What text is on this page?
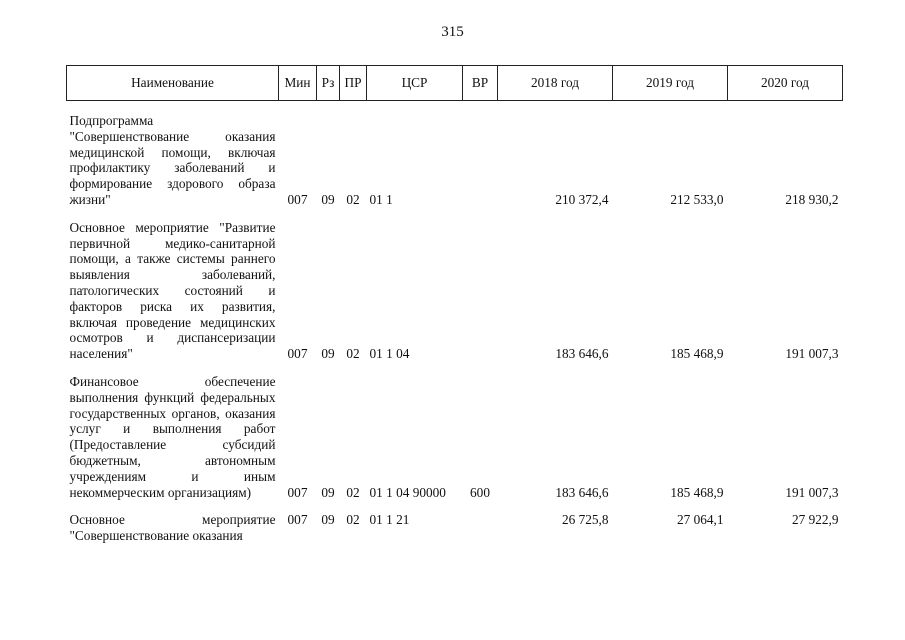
315
Наименование	Мин	Рз	ПР	ЦСР	ВР	2018 год	2019 год	2020 год

Подпрограмма "Совершенствование оказания медицинской помощи, включая профилактику заболеваний и формирование здорового образа жизни"	007	09	02	01 1		210 372,4	212 533,0	218 930,2

Основное мероприятие "Развитие первичной медико-санитарной помощи, а также системы раннего выявления заболеваний, патологических состояний и факторов риска их развития, включая проведение медицинских осмотров и диспансеризации населения"	007	09	02	01 1 04		183 646,6	185 468,9	191 007,3

Финансовое обеспечение выполнения функций федеральных государственных органов, оказания услуг и выполнения работ (Предоставление субсидий бюджетным, автономным учреждениям и иным некоммерческим организациям)	007	09	02	01 1 04 90000	600	183 646,6	185 468,9	191 007,3

Основное мероприятие "Совершенствование оказания	007	09	02	01 1 21		26 725,8	27 064,1	27 922,9
